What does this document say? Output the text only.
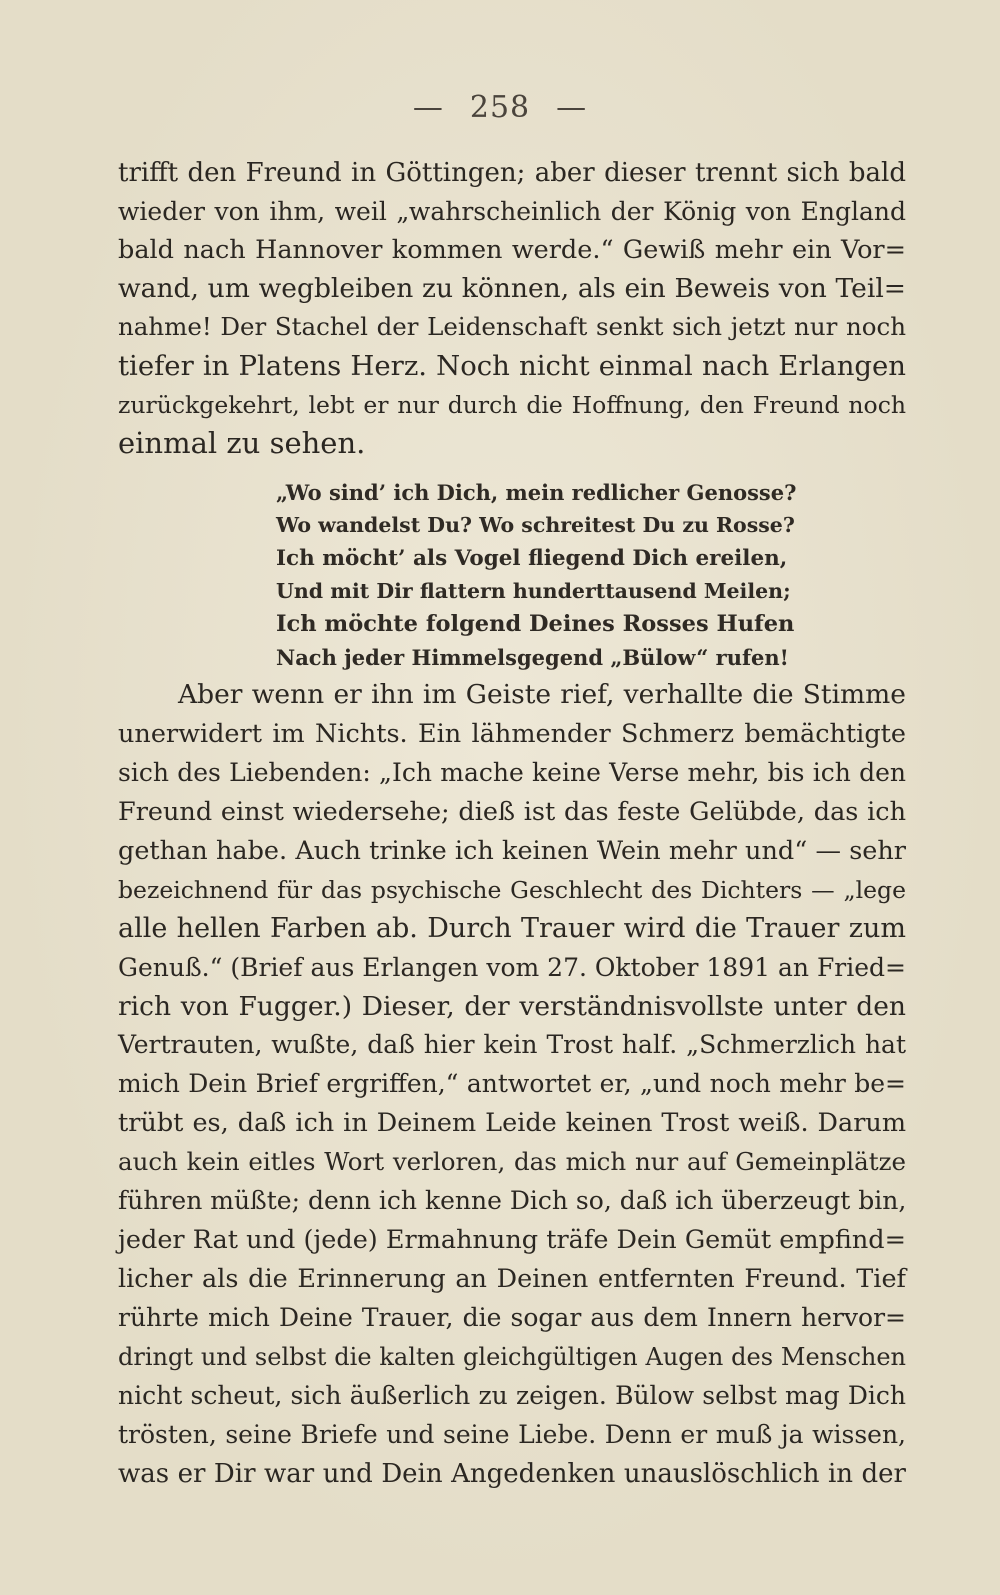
— 258 —
trifft den Freund in Göttingen; aber dieser trennt sich bald
wieder von ihm, weil „wahrscheinlich der König von England
bald nach Hannover kommen werde.“ Gewiß mehr ein Vor=
wand, um wegbleiben zu können, als ein Beweis von Teil=
nahme! Der Stachel der Leidenschaft senkt sich jetzt nur noch
tiefer in Platens Herz. Noch nicht einmal nach Erlangen
zurückgekehrt, lebt er nur durch die Hoffnung, den Freund noch
einmal zu sehen.
„Wo sind’ ich Dich, mein redlicher Genosse?
Wo wandelst Du? Wo schreitest Du zu Rosse?
Ich möcht’ als Vogel fliegend Dich ereilen,
Und mit Dir flattern hunderttausend Meilen;
Ich möchte folgend Deines Rosses Hufen
Nach jeder Himmelsgegend „Bülow“ rufen!
Aber wenn er ihn im Geiste rief, verhallte die Stimme
unerwidert im Nichts. Ein lähmender Schmerz bemächtigte
sich des Liebenden: „Ich mache keine Verse mehr, bis ich den
Freund einst wiedersehe; dieß ist das feste Gelübde, das ich
gethan habe. Auch trinke ich keinen Wein mehr und“ — sehr
bezeichnend für das psychische Geschlecht des Dichters — „lege
alle hellen Farben ab. Durch Trauer wird die Trauer zum
Genuß.“ (Brief aus Erlangen vom 27. Oktober 1891 an Fried=
rich von Fugger.) Dieser, der verständnisvollste unter den
Vertrauten, wußte, daß hier kein Trost half. „Schmerzlich hat
mich Dein Brief ergriffen,“ antwortet er, „und noch mehr be=
trübt es, daß ich in Deinem Leide keinen Trost weiß. Darum
auch kein eitles Wort verloren, das mich nur auf Gemeinplätze
führen müßte; denn ich kenne Dich so, daß ich überzeugt bin,
jeder Rat und (jede) Ermahnung träfe Dein Gemüt empfind=
licher als die Erinnerung an Deinen entfernten Freund. Tief
rührte mich Deine Trauer, die sogar aus dem Innern hervor=
dringt und selbst die kalten gleichgültigen Augen des Menschen
nicht scheut, sich äußerlich zu zeigen. Bülow selbst mag Dich
trösten, seine Briefe und seine Liebe. Denn er muß ja wissen,
was er Dir war und Dein Angedenken unauslöschlich in der
